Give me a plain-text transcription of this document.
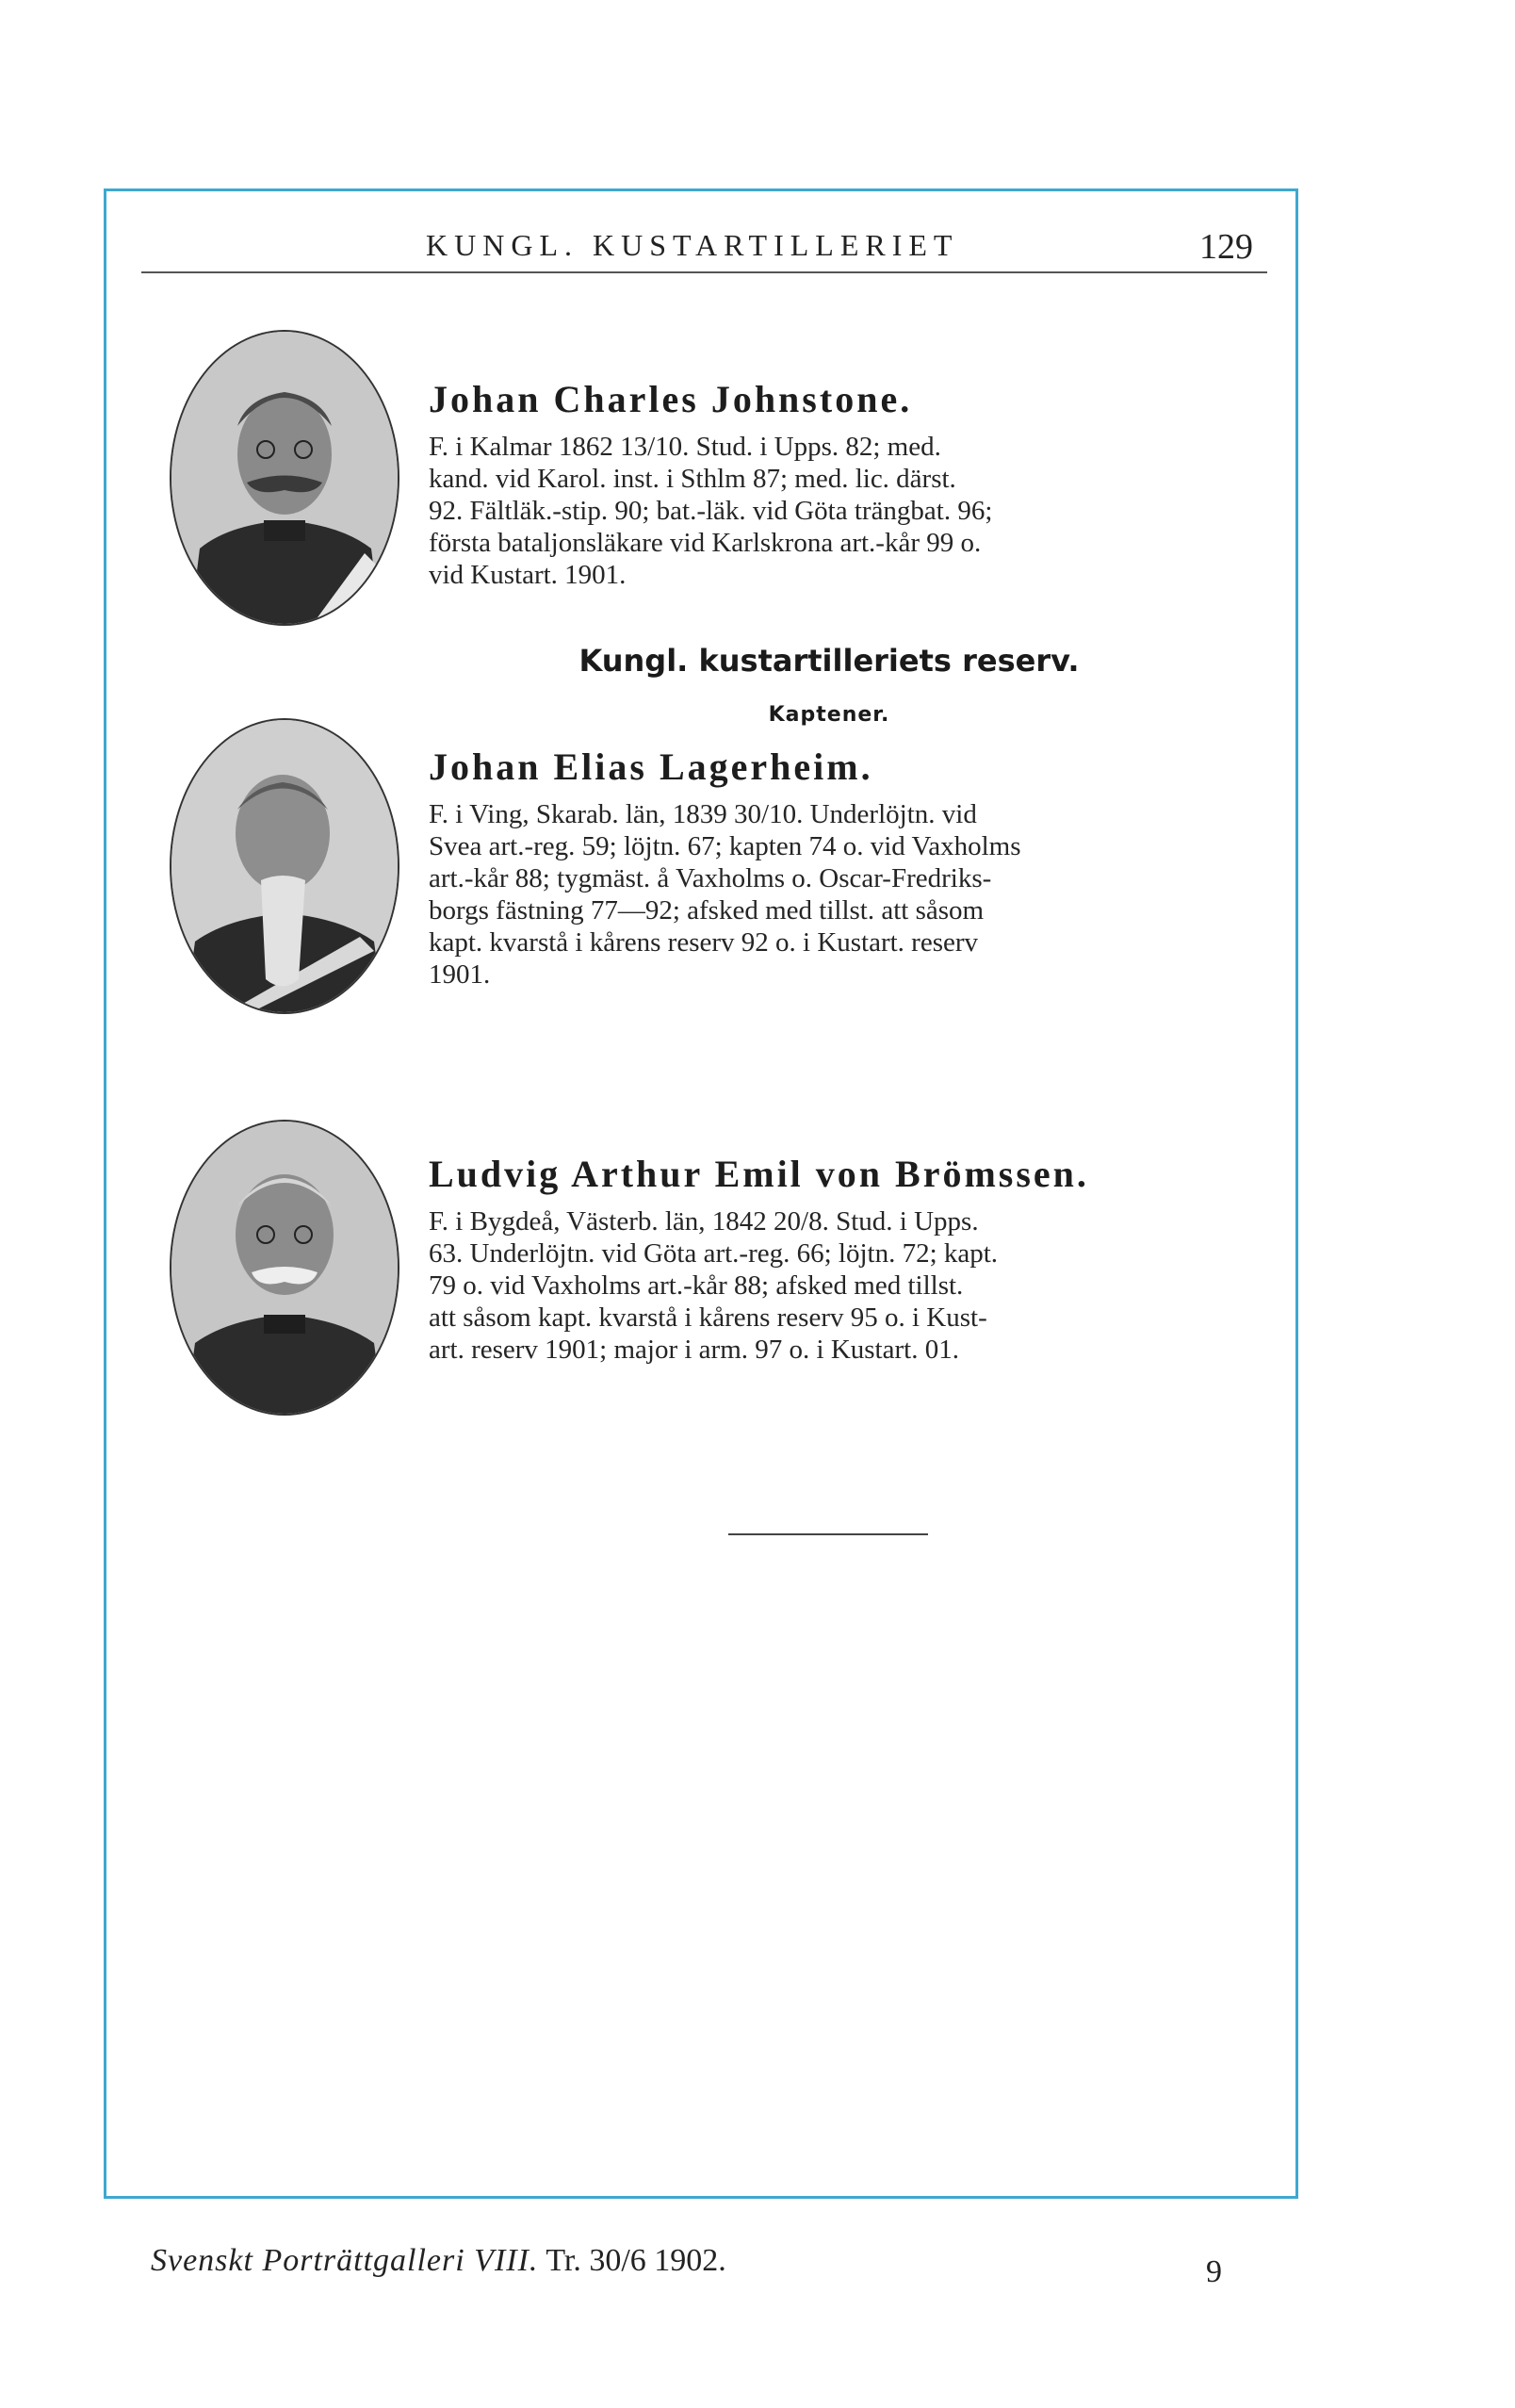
KUNGL. KUSTARTILLERIET	129
Johan Charles Johnstone.

F. i Kalmar 1862 13/10. Stud. i Upps. 82; med.
kand. vid Karol. inst. i Sthlm 87; med. lic. därst.
92. Fältläk.-stip. 90; bat.-läk. vid Göta trängbat. 96;
första bataljonsläkare vid Karlskrona art.-kår 99 o.
vid Kustart. 1901.

Kungl. kustartilleriets reserv.
Kaptener.
Johan Elias Lagerheim.

F. i Ving, Skarab. län, 1839 30/10. Underlöjtn. vid
Svea art.-reg. 59; löjtn. 67; kapten 74 o. vid Vaxholms
art.-kår 88; tygmäst. å Vaxholms o. Oscar-Fredriks-
borgs fästning 77—92; afsked med tillst. att såsom
kapt. kvarstå i kårens reserv 92 o. i Kustart. reserv
1901.

Ludvig Arthur Emil von Brömssen.

F. i Bygdeå, Västerb. län, 1842 20/8. Stud. i Upps.
63. Underlöjtn. vid Göta art.-reg. 66; löjtn. 72; kapt.
79 o. vid Vaxholms art.-kår 88; afsked med tillst.
att såsom kapt. kvarstå i kårens reserv 95 o. i Kust-
art. reserv 1901; major i arm. 97 o. i Kustart. 01.

Svenskt Porträttgalleri VIII. Tr. 30/6 1902.	9
